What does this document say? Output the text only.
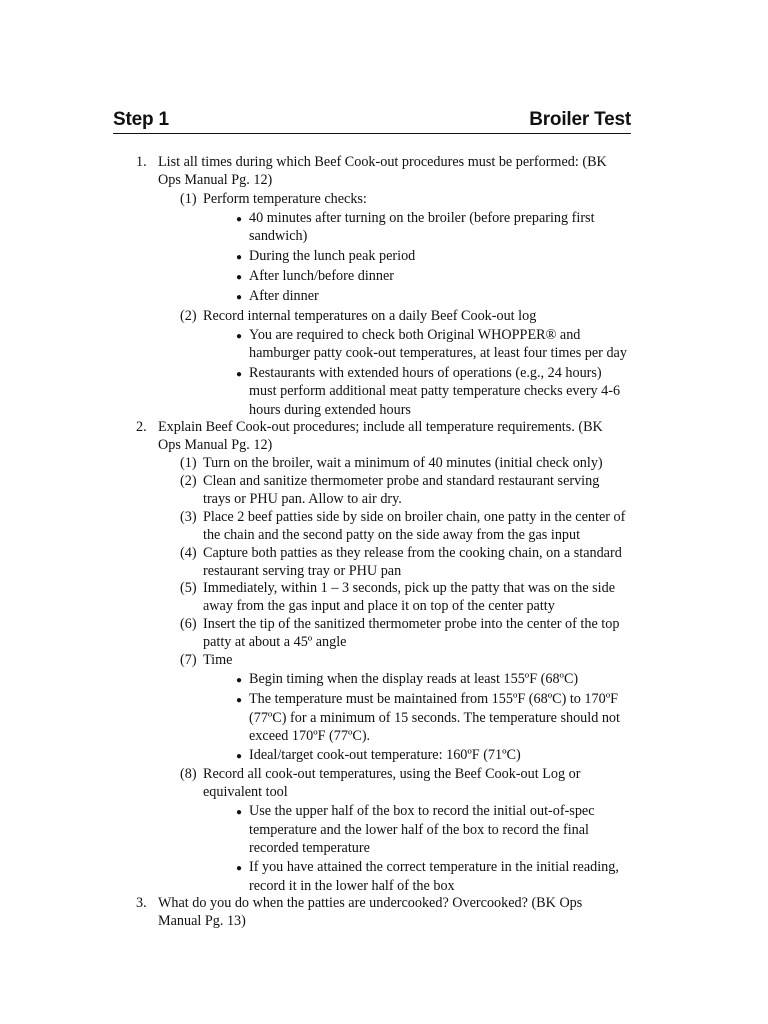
Step 1	Broiler Test
1. List all times during which Beef Cook-out procedures must be performed: (BK
Ops Manual Pg. 12)
(1) Perform temperature checks:
● 40 minutes after turning on the broiler (before preparing first
sandwich)
● During the lunch peak period
● After lunch/before dinner
● After dinner
(2) Record internal temperatures on a daily Beef Cook-out log
● You are required to check both Original WHOPPER® and
hamburger patty cook-out temperatures, at least four times per day
● Restaurants with extended hours of operations (e.g., 24 hours)
must perform additional meat patty temperature checks every 4-6
hours during extended hours
2. Explain Beef Cook-out procedures; include all temperature requirements. (BK
Ops Manual Pg. 12)
(1) Turn on the broiler, wait a minimum of 40 minutes (initial check only)
(2) Clean and sanitize thermometer probe and standard restaurant serving
trays or PHU pan. Allow to air dry.
(3) Place 2 beef patties side by side on broiler chain, one patty in the center of
the chain and the second patty on the side away from the gas input
(4) Capture both patties as they release from the cooking chain, on a standard
restaurant serving tray or PHU pan
(5) Immediately, within 1 – 3 seconds, pick up the patty that was on the side
away from the gas input and place it on top of the center patty
(6) Insert the tip of the sanitized thermometer probe into the center of the top
patty at about a 45º angle
(7) Time
● Begin timing when the display reads at least 155ºF (68ºC)
● The temperature must be maintained from 155ºF (68ºC) to 170ºF
(77ºC) for a minimum of 15 seconds. The temperature should not
exceed 170ºF (77ºC).
● Ideal/target cook-out temperature: 160ºF (71ºC)
(8) Record all cook-out temperatures, using the Beef Cook-out Log or
equivalent tool
● Use the upper half of the box to record the initial out-of-spec
temperature and the lower half of the box to record the final
recorded temperature
● If you have attained the correct temperature in the initial reading,
record it in the lower half of the box
3. What do you do when the patties are undercooked? Overcooked? (BK Ops
Manual Pg. 13)
